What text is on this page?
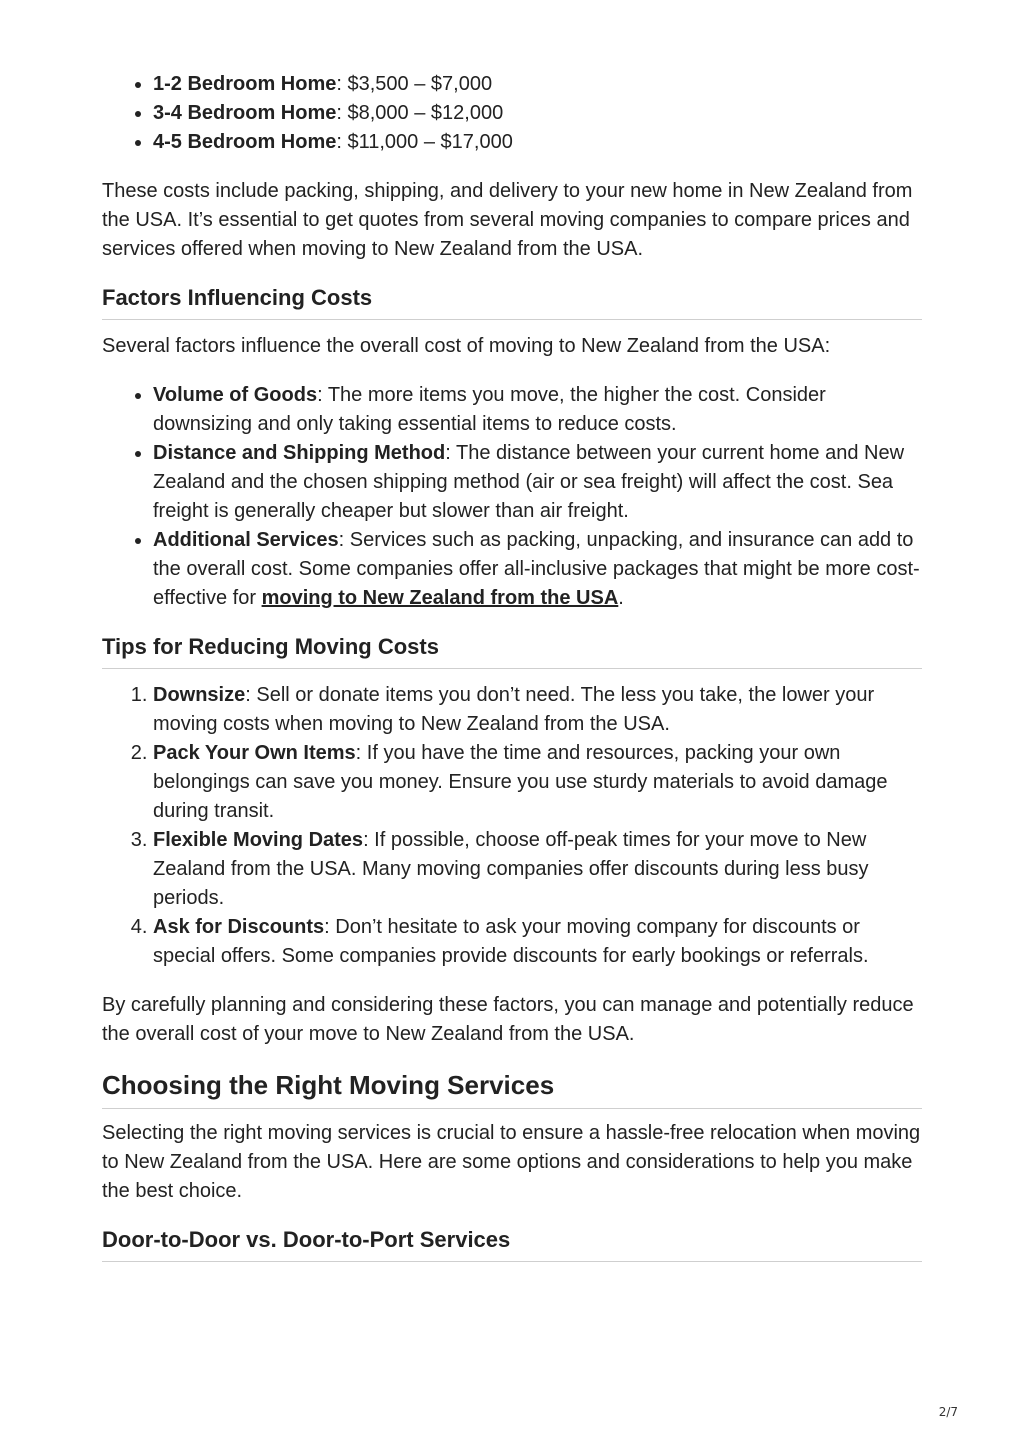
• 1-2 Bedroom Home: $3,500 – $7,000
• 3-4 Bedroom Home: $8,000 – $12,000
• 4-5 Bedroom Home: $11,000 – $17,000

These costs include packing, shipping, and delivery to your new home in New Zealand from the USA. It’s essential to get quotes from several moving companies to compare prices and services offered when moving to New Zealand from the USA.

Factors Influencing Costs

Several factors influence the overall cost of moving to New Zealand from the USA:

• Volume of Goods: The more items you move, the higher the cost. Consider downsizing and only taking essential items to reduce costs.
• Distance and Shipping Method: The distance between your current home and New Zealand and the chosen shipping method (air or sea freight) will affect the cost. Sea freight is generally cheaper but slower than air freight.
• Additional Services: Services such as packing, unpacking, and insurance can add to the overall cost. Some companies offer all-inclusive packages that might be more cost-effective for moving to New Zealand from the USA.
Tips for Reducing Moving Costs
1. Downsize: Sell or donate items you don’t need. The less you take, the lower your moving costs when moving to New Zealand from the USA.
2. Pack Your Own Items: If you have the time and resources, packing your own belongings can save you money. Ensure you use sturdy materials to avoid damage during transit.
3. Flexible Moving Dates: If possible, choose off-peak times for your move to New Zealand from the USA. Many moving companies offer discounts during less busy periods.
4. Ask for Discounts: Don’t hesitate to ask your moving company for discounts or special offers. Some companies provide discounts for early bookings or referrals.

By carefully planning and considering these factors, you can manage and potentially reduce the overall cost of your move to New Zealand from the USA.

Choosing the Right Moving Services

Selecting the right moving services is crucial to ensure a hassle-free relocation when moving to New Zealand from the USA. Here are some options and considerations to help you make the best choice.

Door-to-Door vs. Door-to-Port Services
2/7
